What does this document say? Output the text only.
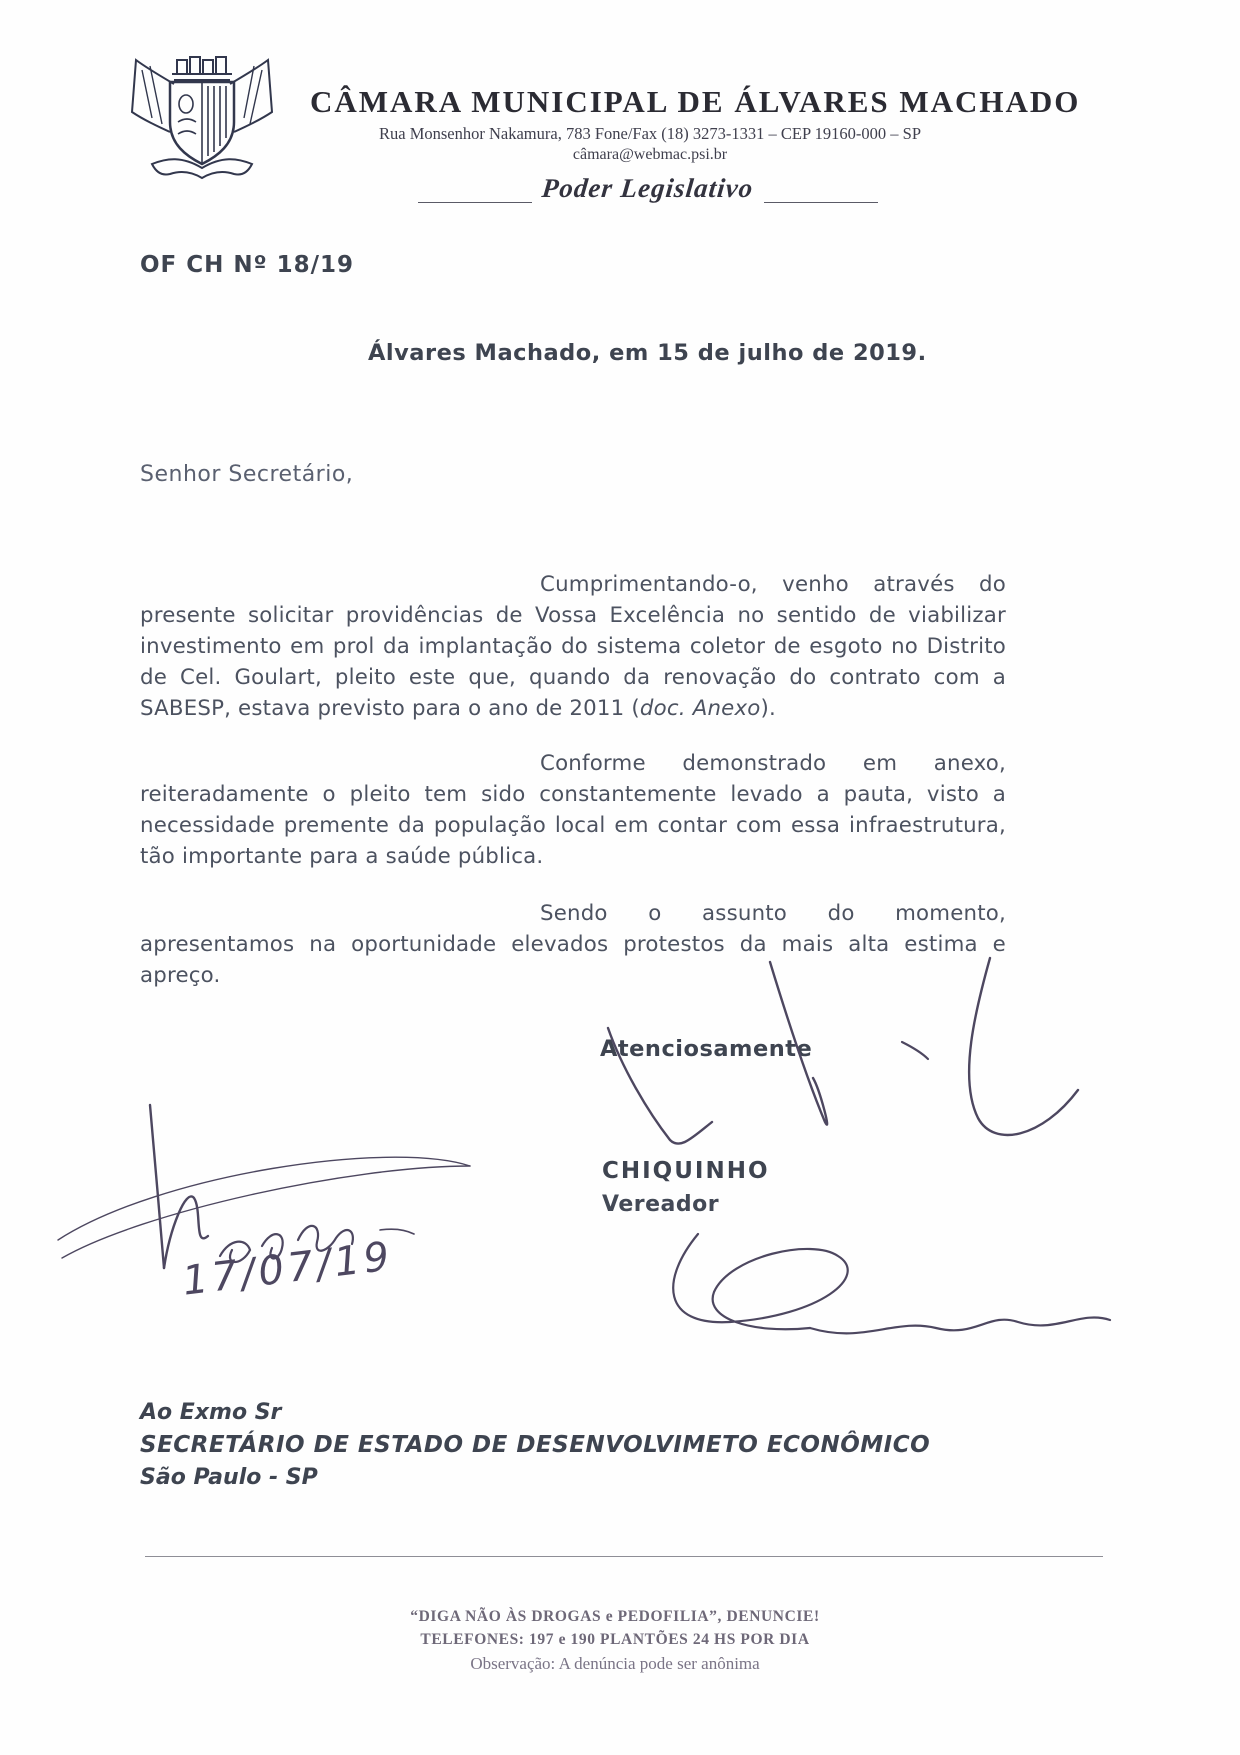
CÂMARA MUNICIPAL DE ÁLVARES MACHADO
Rua Monsenhor Nakamura, 783 Fone/Fax (18) 3273-1331 – CEP 19160-000 – SP
câmara@webmac.psi.br
Poder Legislativo
OF CH Nº 18/19
Álvares Machado, em 15 de julho de 2019.
Senhor Secretário,

Cumprimentando-o, venho através do presente solicitar providências de Vossa Excelência no sentido de viabilizar investimento em prol da implantação do sistema coletor de esgoto no Distrito de Cel. Goulart, pleito este que, quando da renovação do contrato com a SABESP, estava previsto para o ano de 2011 (doc. Anexo).

Conforme demonstrado em anexo, reiteradamente o pleito tem sido constantemente levado a pauta, visto a necessidade premente da população local em contar com essa infraestrutura, tão importante para a saúde pública.

Sendo o assunto do momento, apresentamos na oportunidade elevados protestos da mais alta estima e apreço.

Atenciosamente
CHIQUINHO
Vereador
17/07/19
Ao Exmo Sr
SECRETÁRIO DE ESTADO DE DESENVOLVIMETO ECONÔMICO
São Paulo - SP
“DIGA NÃO ÀS DROGAS e PEDOFILIA”, DENUNCIE!
TELEFONES: 197 e 190 PLANTÕES 24 HS POR DIA
Observação: A denúncia pode ser anônima
